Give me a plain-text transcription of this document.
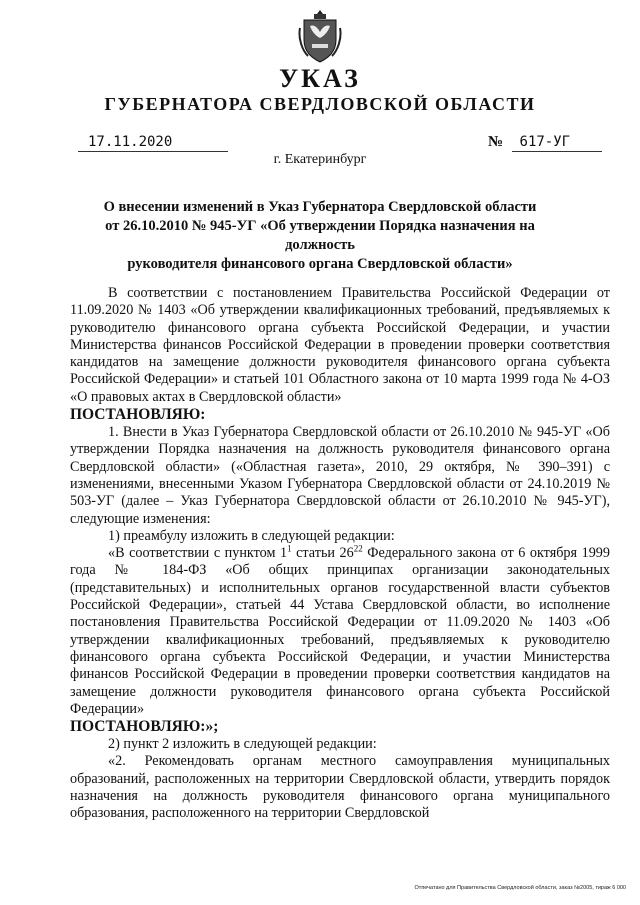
УКАЗ
ГУБЕРНАТОРА СВЕРДЛОВСКОЙ ОБЛАСТИ
17.11.2020	№ 617-УГ
г. Екатеринбург
О внесении изменений в Указ Губернатора Свердловской области
от 26.10.2010 № 945-УГ «Об утверждении Порядка назначения на должность
руководителя финансового органа Свердловской области»

В соответствии с постановлением Правительства Российской Федерации от 11.09.2020 № 1403 «Об утверждении квалификационных требований, предъявляемых к руководителю финансового органа субъекта Российской Федерации, и участии Министерства финансов Российской Федерации в проведении проверки соответствия кандидатов на замещение должности руководителя финансового органа субъекта Российской Федерации» и статьей 101 Областного закона от 10 марта 1999 года № 4-ОЗ «О правовых актах в Свердловской области»

ПОСТАНОВЛЯЮ:

1. Внести в Указ Губернатора Свердловской области от 26.10.2010 № 945-УГ «Об утверждении Порядка назначения на должность руководителя финансового органа Свердловской области» («Областная газета», 2010, 29 октября, № 390–391) с изменениями, внесенными Указом Губернатора Свердловской области от 24.10.2019 № 503-УГ (далее – Указ Губернатора Свердловской области от 26.10.2010 № 945-УГ), следующие изменения:

1) преамбулу изложить в следующей редакции:

«В соответствии с пунктом $1^1$ статьи $26^{22}$ Федерального закона от 6 октября 1999 года № 184-ФЗ «Об общих принципах организации законодательных (представительных) и исполнительных органов государственной власти субъектов Российской Федерации», статьей 44 Устава Свердловской области, во исполнение постановления Правительства Российской Федерации от 11.09.2020 № 1403 «Об утверждении квалификационных требований, предъявляемых к руководителю финансового органа субъекта Российской Федерации, и участии Министерства финансов Российской Федерации в проведении проверки соответствия кандидатов на замещение должности руководителя финансового органа субъекта Российской Федерации»

ПОСТАНОВЛЯЮ:»;

2) пункт 2 изложить в следующей редакции:

«2. Рекомендовать органам местного самоуправления муниципальных образований, расположенных на территории Свердловской области, утвердить порядок назначения на должность руководителя финансового органа муниципального образования, расположенного на территории Свердловской

Отпечатано для Правительства Свердловской области, заказ №2005, тираж 6 000
